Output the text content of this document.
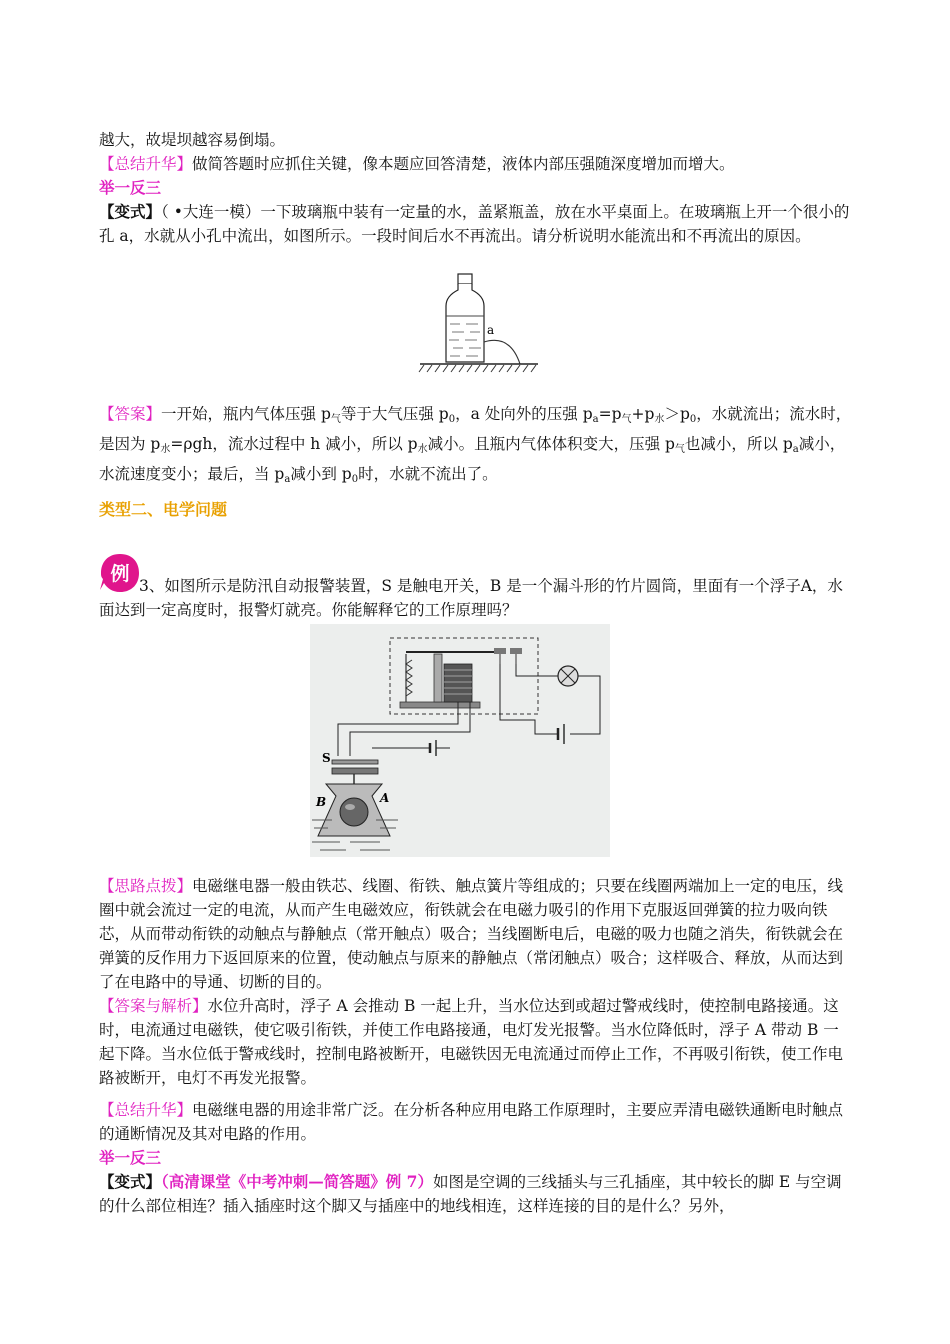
越大，故堤坝越容易倒塌。
【总结升华】做简答题时应抓住关键，像本题应回答清楚，液体内部压强随深度增加而增大。
举一反三
【变式】（ •大连一模）一下玻璃瓶中装有一定量的水，盖紧瓶盖，放在水平桌面上。在玻璃瓶上开一个很小的孔 a，水就从小孔中流出，如图所示。一段时间后水不再流出。请分析说明水能流出和不再流出的原因。
a
【答案】一开始，瓶内气体压强 $p_气$等于大气压强 $p_0$，a 处向外的压强 $p_a=p_气+p_水>p_0$，水就流出；流水时，是因为 $p_水=\rho gh$，流水过程中 h 减小，所以 $p_水$减小。且瓶内气体体积变大，压强 $p_气$也减小，所以 $p_a$减小，水流速度变小；最后，当 $p_a$减小到 $p_0$时，水就不流出了。
类型二、电学问题
例
3、如图所示是防汛自动报警装置，S 是触电开关，B 是一个漏斗形的竹片圆筒，里面有一个浮子A，水面达到一定高度时，报警灯就亮。你能解释它的工作原理吗？
S
B	A
【思路点拨】电磁继电器一般由铁芯、线圈、衔铁、触点簧片等组成的；只要在线圈两端加上一定的电压，线圈中就会流过一定的电流，从而产生电磁效应，衔铁就会在电磁力吸引的作用下克服返回弹簧的拉力吸向铁芯，从而带动衔铁的动触点与静触点（常开触点）吸合；当线圈断电后，电磁的吸力也随之消失，衔铁就会在弹簧的反作用力下返回原来的位置，使动触点与原来的静触点（常闭触点）吸合；这样吸合、释放，从而达到了在电路中的导通、切断的目的。
【答案与解析】水位升高时，浮子 A 会推动 B 一起上升，当水位达到或超过警戒线时，使控制电路接通。这时，电流通过电磁铁，使它吸引衔铁，并使工作电路接通，电灯发光报警。当水位降低时，浮子 A 带动 B 一起下降。当水位低于警戒线时，控制电路被断开，电磁铁因无电流通过而停止工作，不再吸引衔铁，使工作电路被断开，电灯不再发光报警。
【总结升华】电磁继电器的用途非常广泛。在分析各种应用电路工作原理时，主要应弄清电磁铁通断电时触点的通断情况及其对电路的作用。
举一反三
【变式】（高清课堂《中考冲刺—简答题》例 7）如图是空调的三线插头与三孔插座，其中较长的脚 E 与空调的什么部位相连？插入插座时这个脚又与插座中的地线相连，这样连接的目的是什么？另外，
